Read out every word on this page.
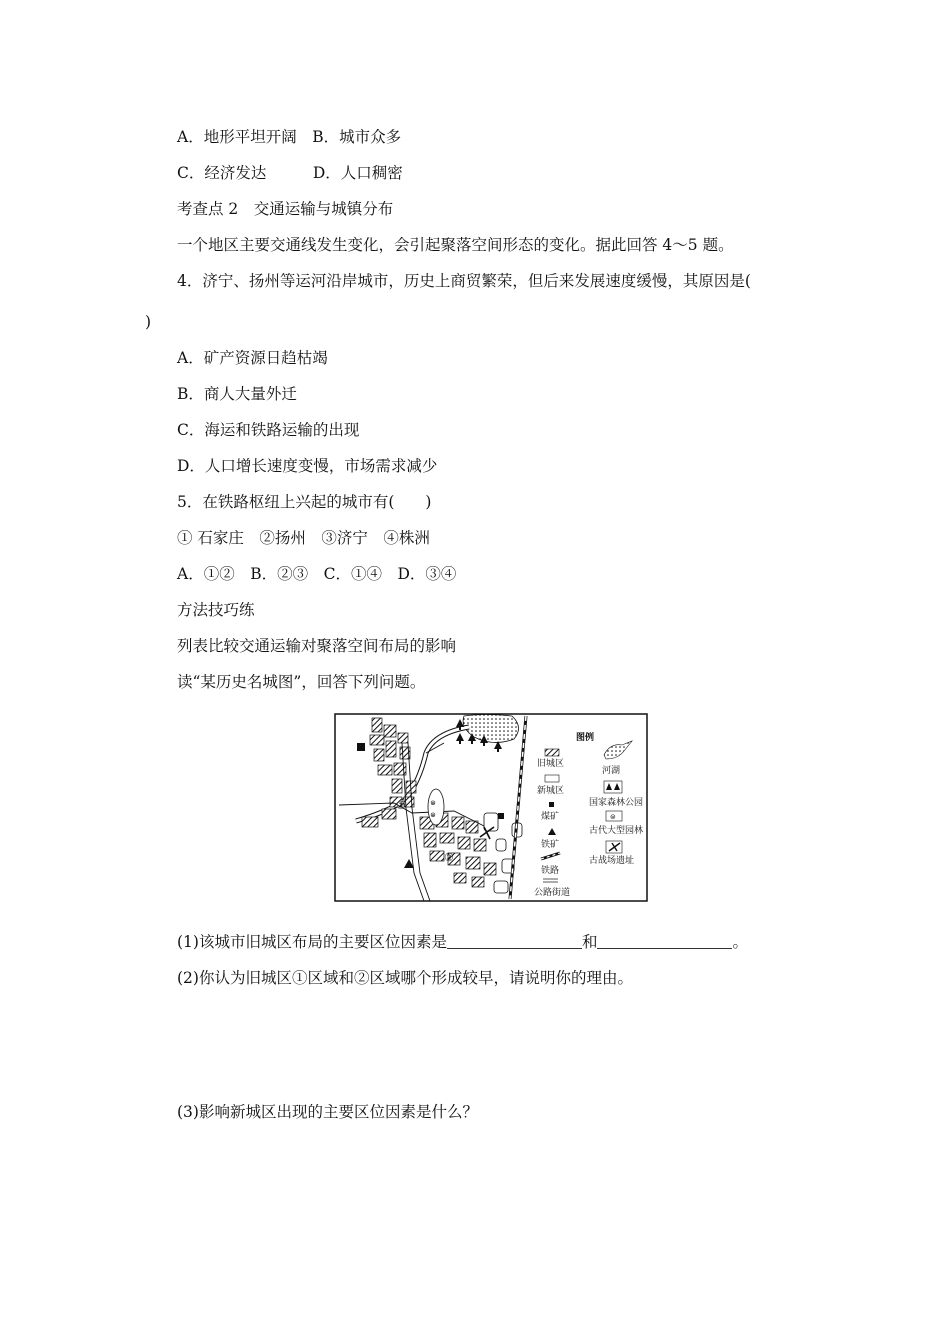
A．地形平坦开阔　B．城市众多
C．经济发达　　　D．人口稠密
考查点 2　交通运输与城镇分布
一个地区主要交通线发生变化，会引起聚落空间形态的变化。据此回答 4～5 题。
4．济宁、扬州等运河沿岸城市，历史上商贸繁荣，但后来发展速度缓慢，其原因是(
)
A．矿产资源日趋枯竭
B．商人大量外迁
C．海运和铁路运输的出现
D．人口增长速度变慢，市场需求减少
5．在铁路枢纽上兴起的城市有(　　)
① 石家庄　②扬州　③济宁　④株洲
A．①②　B．②③　C．①④　D．③④
方法技巧练
列表比较交通运输对聚落空间布局的影响
读“某历史名城图”，回答下列问题。
⊜
⊜
①
②
图例
旧城区
河湖
新城区
国家森林公园
煤矿	⊜
古代大型园林
铁矿
古战场遗址
铁路
公路街道
(1)该城市旧城区布局的主要区位因素是	和	。
(2)你认为旧城区①区域和②区域哪个形成较早，请说明你的理由。
(3)影响新城区出现的主要区位因素是什么？
